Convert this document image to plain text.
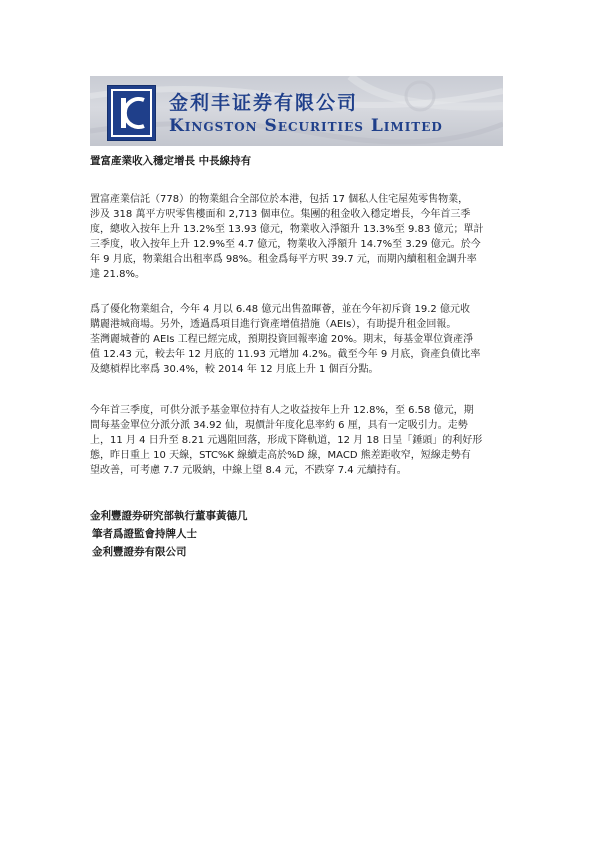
金利丰证券有限公司
Kingston Securities Limited
置富產業收入穩定增長 中長線持有

置富產業信託（778）的物業組合全部位於本港，包括 17 個私人住宅屋苑零售物業，
涉及 318 萬平方呎零售樓面和 2,713 個車位。集團的租金收入穩定增長，今年首三季
度，總收入按年上升 13.2%至 13.93 億元，物業收入淨額升 13.3%至 9.83 億元；單計
三季度，收入按年上升 12.9%至 4.7 億元，物業收入淨額升 14.7%至 3.29 億元。於今
年 9 月底，物業組合出租率爲 98%。租金爲每平方呎 39.7 元，而期內續租租金調升率
達 21.8%。

爲了優化物業組合，今年 4 月以 6.48 億元出售盈暉薈，並在今年初斥資 19.2 億元收
購麗港城商場。另外，透過爲項目進行資產增值措施（AEIs），有助提升租金回報。
荃灣麗城薈的 AEIs 工程已經完成，預期投資回報率逾 20%。期末，每基金單位資產淨
值 12.43 元，較去年 12 月底的 11.93 元增加 4.2%。截至今年 9 月底，資產負債比率
及總槓桿比率爲 30.4%，較 2014 年 12 月底上升 1 個百分點。

今年首三季度，可供分派予基金單位持有人之收益按年上升 12.8%，至 6.58 億元，期
間每基金單位分派分派 34.92 仙，現價計年度化息率約 6 厘，具有一定吸引力。走勢
上，11 月 4 日升至 8.21 元遇阻回落，形成下降軌道，12 月 18 日呈「錘頭」的利好形
態，昨日重上 10 天線，STC%K 線續走高於%D 線，MACD 熊差距收窄，短線走勢有
望改善，可考慮 7.7 元吸納，中線上望 8.4 元，不跌穿 7.4 元續持有。

金利豐證券研究部執行董事黃德几
筆者爲證監會持牌人士
金利豐證券有限公司
